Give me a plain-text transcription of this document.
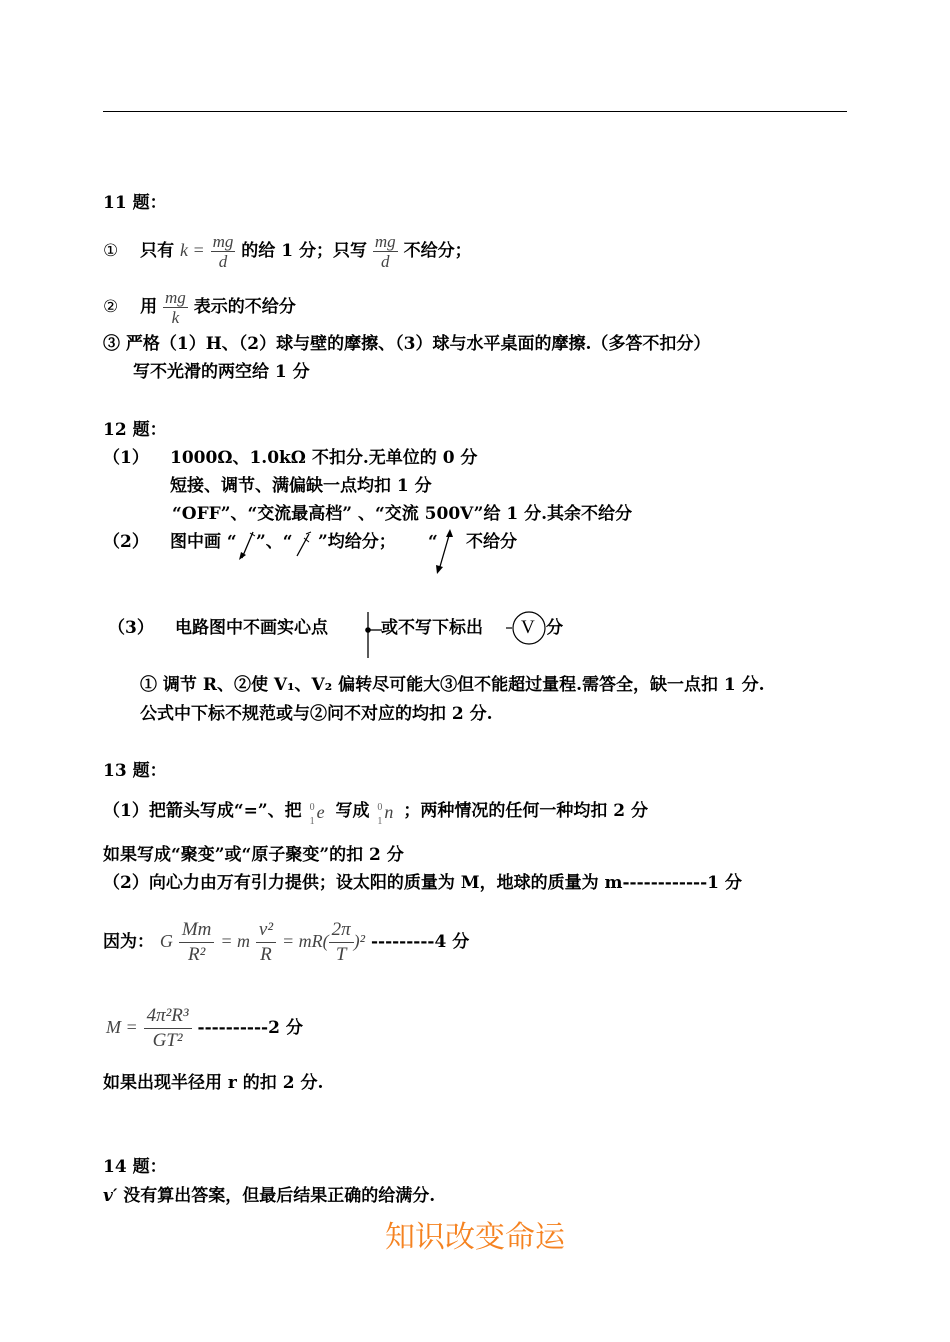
11 题：
① 只有 $k = \frac{mg}{d}$ 的给 1 分；只写 $\frac{mg}{d}$ 不给分；
② 用 $\frac{mg}{k}$ 表示的不给分
③ 严格（1）H、（2）球与壁的摩擦、（3）球与水平桌面的摩擦.（多答不扣分）
写不光滑的两空给 1 分
12 题：
（1） 1000Ω、1.0kΩ 不扣分.无单位的 0 分
短接、调节、满偏缺一点均扣 1 分
“OFF”、“交流最高档” 、“交流 500V”给 1 分.其余不给分
（2） 图中画 “ ”、“ ”均给分； “ 不给分
（3） 电路图中不画实心点	或不写下标出 V 分
① 调节 R、②使 V₁、V₂ 偏转尽可能大③但不能超过量程.需答全，缺一点扣 1 分.
公式中下标不规范或与②问不对应的均扣 2 分.
13 题：
（1）把箭头写成“=”、把 0
1 e 写成 0
1 n ；两种情况的任何一种均扣 2 分
如果写成“聚变”或“原子聚变”的扣 2 分
（2）向心力由万有引力提供；设太阳的质量为 M，地球的质量为 m------------1 分
因为： G $\frac{Mm}{\text{R²}} = m \frac{\text{v²}}{R} = mR( \frac{2\pi}{T} )^2$ ---------4 分
$M = \frac{\text{4π²R³}}{\text{GT²}} ----------2$ 分
如果出现半径用 r 的扣 2 分.
14 题：
v′ 没有算出答案，但最后结果正确的给满分.
知识改变命运
